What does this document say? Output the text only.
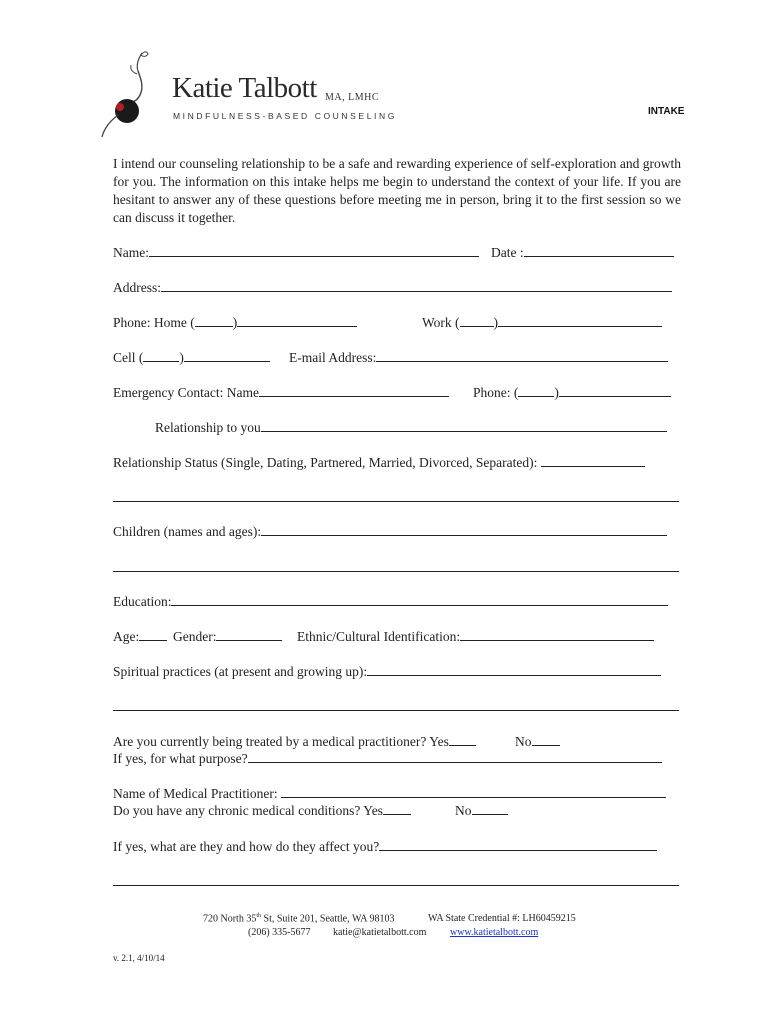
Katie Talbott MA, LMHC
MINDFULNESS-BASED COUNSELING	INTAKE
I intend our counseling relationship to be a safe and rewarding experience of self-exploration and growth for you. The information on this intake helps me begin to understand the context of your life. If you are hesitant to answer any of these questions before meeting me in person, bring it to the first session so we can discuss it together.
Name:	Date :
Address:
Phone: Home (	)	Work (	)
Cell (	)	E-mail Address:
Emergency Contact: Name	Phone: (	)
Relationship to you
Relationship Status (Single, Dating, Partnered, Married, Divorced, Separated):
Children (names and ages):
Education:
Age:	Gender:	Ethnic/Cultural Identification:
Spiritual practices (at present and growing up):
Are you currently being treated by a medical practitioner? Yes	No
If yes, for what purpose?
Name of Medical Practitioner:
Do you have any chronic medical conditions? Yes	No
If yes, what are they and how do they affect you?
720 North 35th St, Suite 201, Seattle, WA 98103	WA State Credential #: LH60459215
(206) 335-5677 katie@katietalbott.com www.katietalbott.com
v. 2.1, 4/10/14
